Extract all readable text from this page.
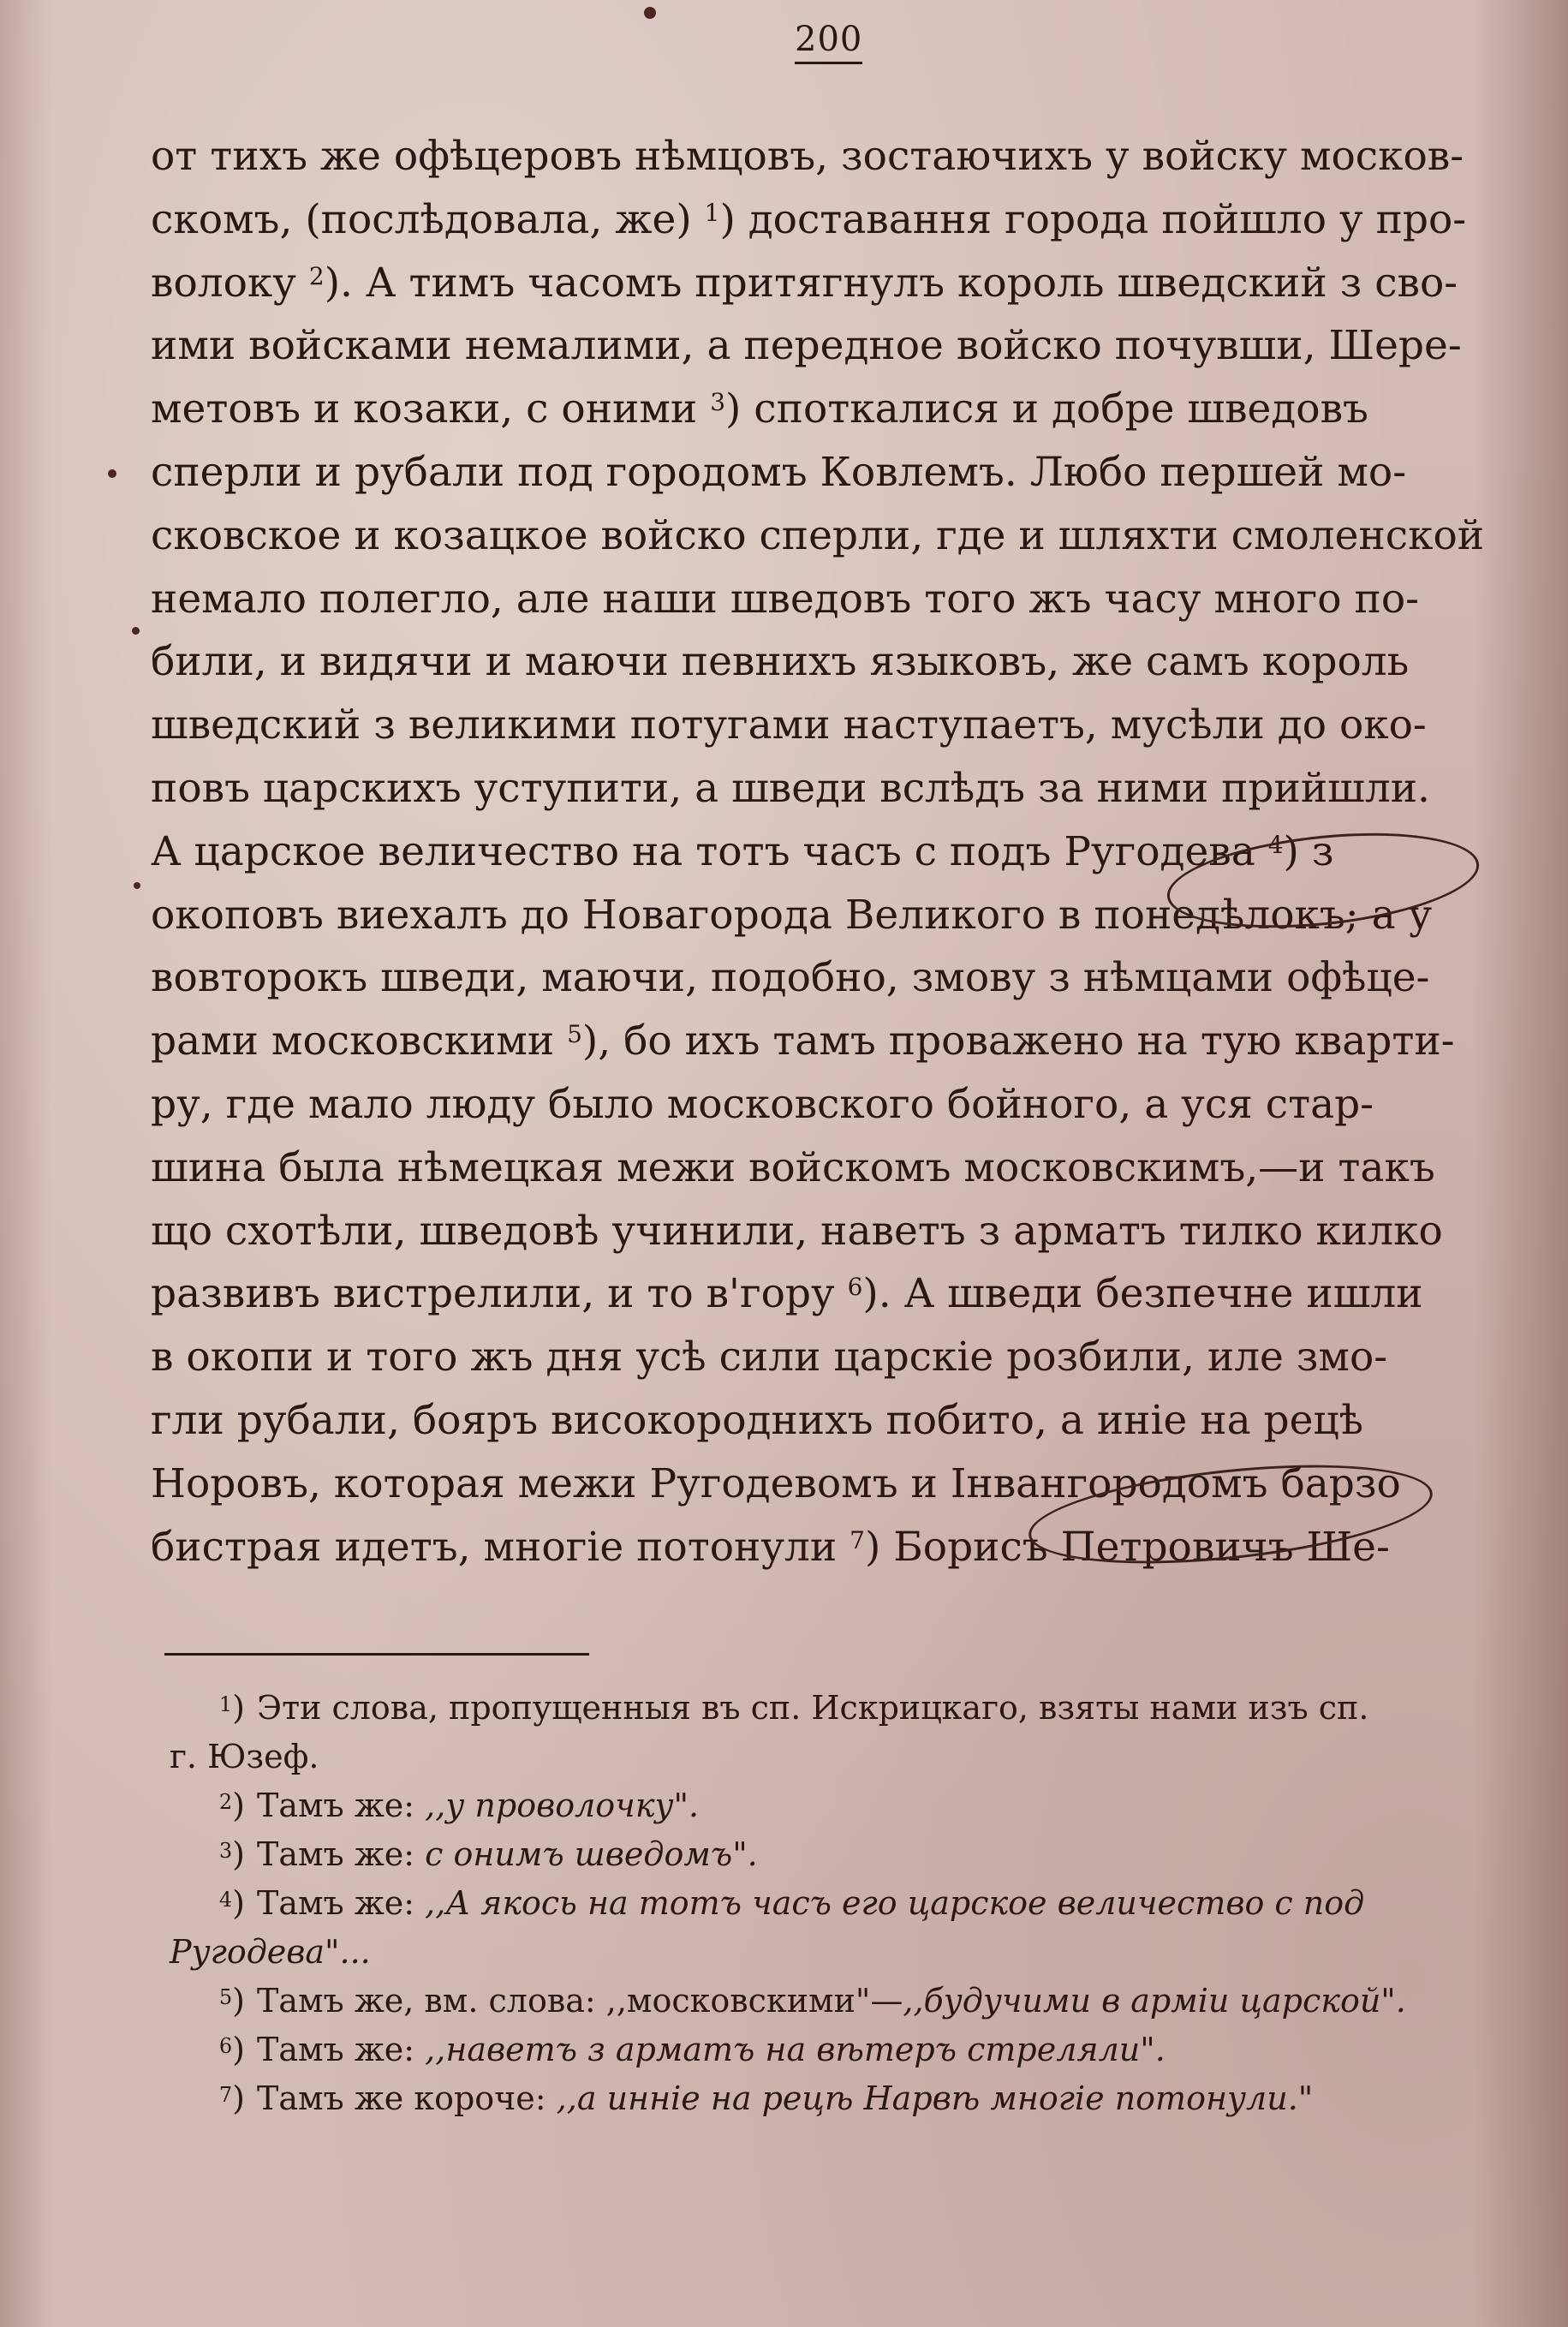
200
от тихъ же офѣцеровъ нѣмцовъ, зостаючихъ у войску москов-
скомъ, (послѣдовала, же) $^1$) доставання города пойшло у про-
волоку $^2$). А тимъ часомъ притягнулъ король шведский з сво-
ими войсками немалими, а передное войско почувши, Шере-
метовъ и козаки, с оними $^3$) споткалися и добре шведовъ
сперли и рубали под городомъ Ковлемъ. Любо першей мо-
сковское и козацкое войско сперли, где и шляхти смоленской
немало полегло, але наши шведовъ того жъ часу много по-
били, и видячи и маючи певнихъ языковъ, же самъ король
шведский з великими потугами наступаетъ, мусѣли до око-
повъ царскихъ уступити, а шведи вслѣдъ за ними прийшли.
А царское величество на тотъ часъ с подъ Ругодева $^4$) з
окоповъ виехалъ до Новагорода Великого в понедѣлокъ; а у
вовторокъ шведи, маючи, подобно, змову з нѣмцами офѣце-
рами московскими $^5$), бо ихъ тамъ проважено на тую кварти-
ру, где мало люду было московского бойного, а уся стар-
шина была нѣмецкая межи войскомъ московскимъ,—и такъ
що схотѣли, шведовѣ учинили, наветъ з арматъ тилко килко
развивъ вистрелили, и то в'гору $^6$). А шведи безпечне ишли
в окопи и того жъ дня усѣ сили царскіе розбили, иле змо-
гли рубали, бояръ високороднихъ побито, а иніе на рецѣ
Норовъ, которая межи Ругодевомъ и Інвангородомъ барзо
бистрая идетъ, многіе потонули $^7$) Борисъ Петровичъ Ше-
$^1$) Эти слова, пропущенныя въ сп. Искрицкаго, взяты нами изъ сп.
г. Юзеф.
$^2$) Тамъ же: ,,у проволочку".
$^3$) Тамъ же: с онимъ шведомъ".
$^4$) Тамъ же: ,,А якось на тотъ часъ его царское величество с под
Ругодева"...
$^5$) Тамъ же, вм. слова: ,,московскими"—,,будучими в арміи царской".
$^6$) Тамъ же: ,,наветъ з арматъ на вѣтеръ стреляли".
$^7$) Тамъ же короче: ,,а инніе на рецѣ Нарвѣ многіе потонули."
